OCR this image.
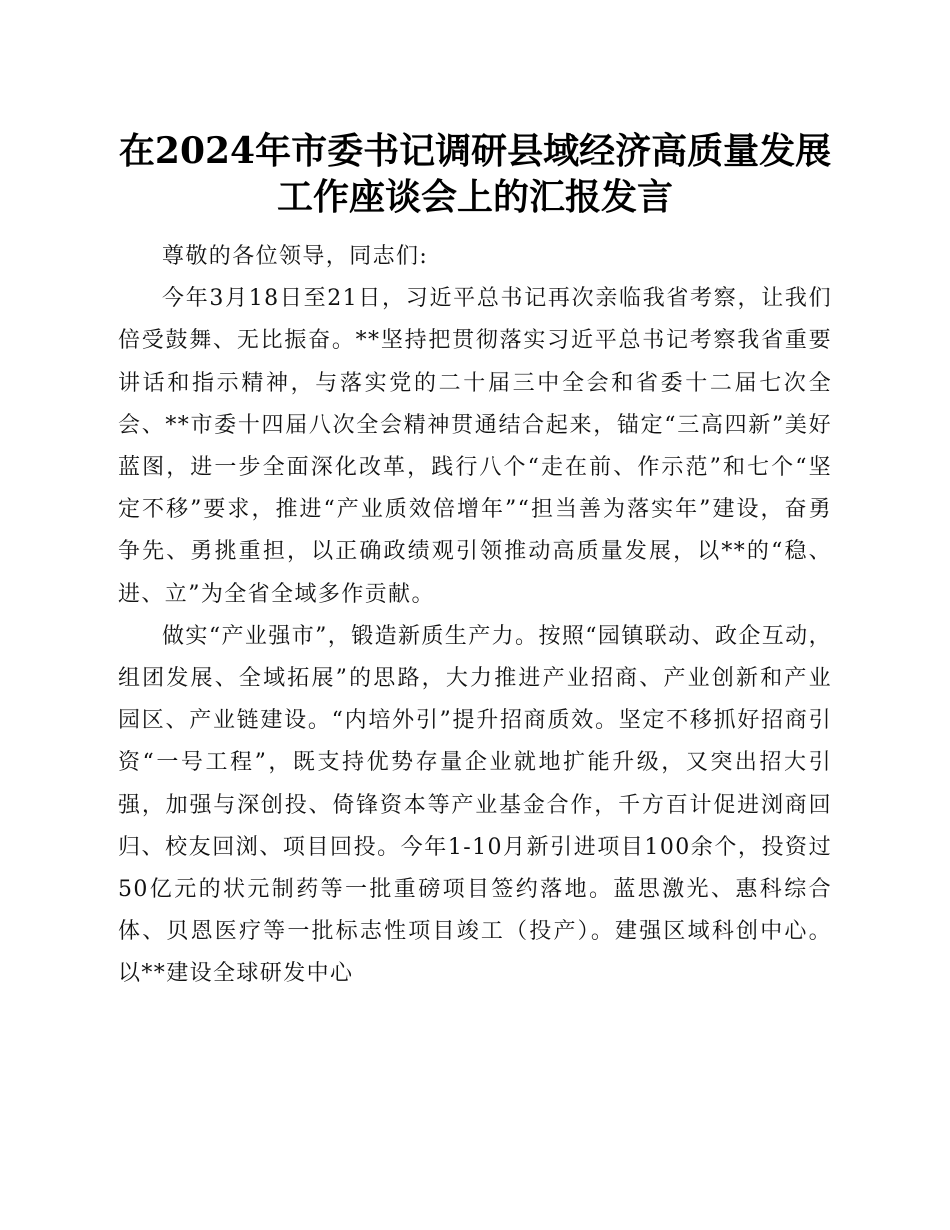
在2024年市委书记调研县域经济高质量发展工作座谈会上的汇报发言

尊敬的各位领导，同志们:

今年3月18日至21日，习近平总书记再次亲临我省考察，让我们倍受鼓舞、无比振奋。**坚持把贯彻落实习近平总书记考察我省重要讲话和指示精神，与落实党的二十届三中全会和省委十二届七次全会、**市委十四届八次全会精神贯通结合起来，锚定“三高四新”美好蓝图，进一步全面深化改革，践行八个“走在前、作示范”和七个“坚定不移”要求，推进“产业质效倍增年”“担当善为落实年”建设，奋勇争先、勇挑重担，以正确政绩观引领推动高质量发展，以**的“稳、进、立”为全省全域多作贡献。

做实“产业强市”，锻造新质生产力。按照“园镇联动、政企互动，组团发展、全域拓展”的思路，大力推进产业招商、产业创新和产业园区、产业链建设。“内培外引”提升招商质效。坚定不移抓好招商引资“一号工程”，既支持优势存量企业就地扩能升级，又突出招大引强，加强与深创投、倚锋资本等产业基金合作，千方百计促进浏商回归、校友回浏、项目回投。今年1-10月新引进项目100余个，投资过50亿元的状元制药等一批重磅项目签约落地。蓝思激光、惠科综合体、贝恩医疗等一批标志性项目竣工（投产）。建强区域科创中心。以**建设全球研发中心
